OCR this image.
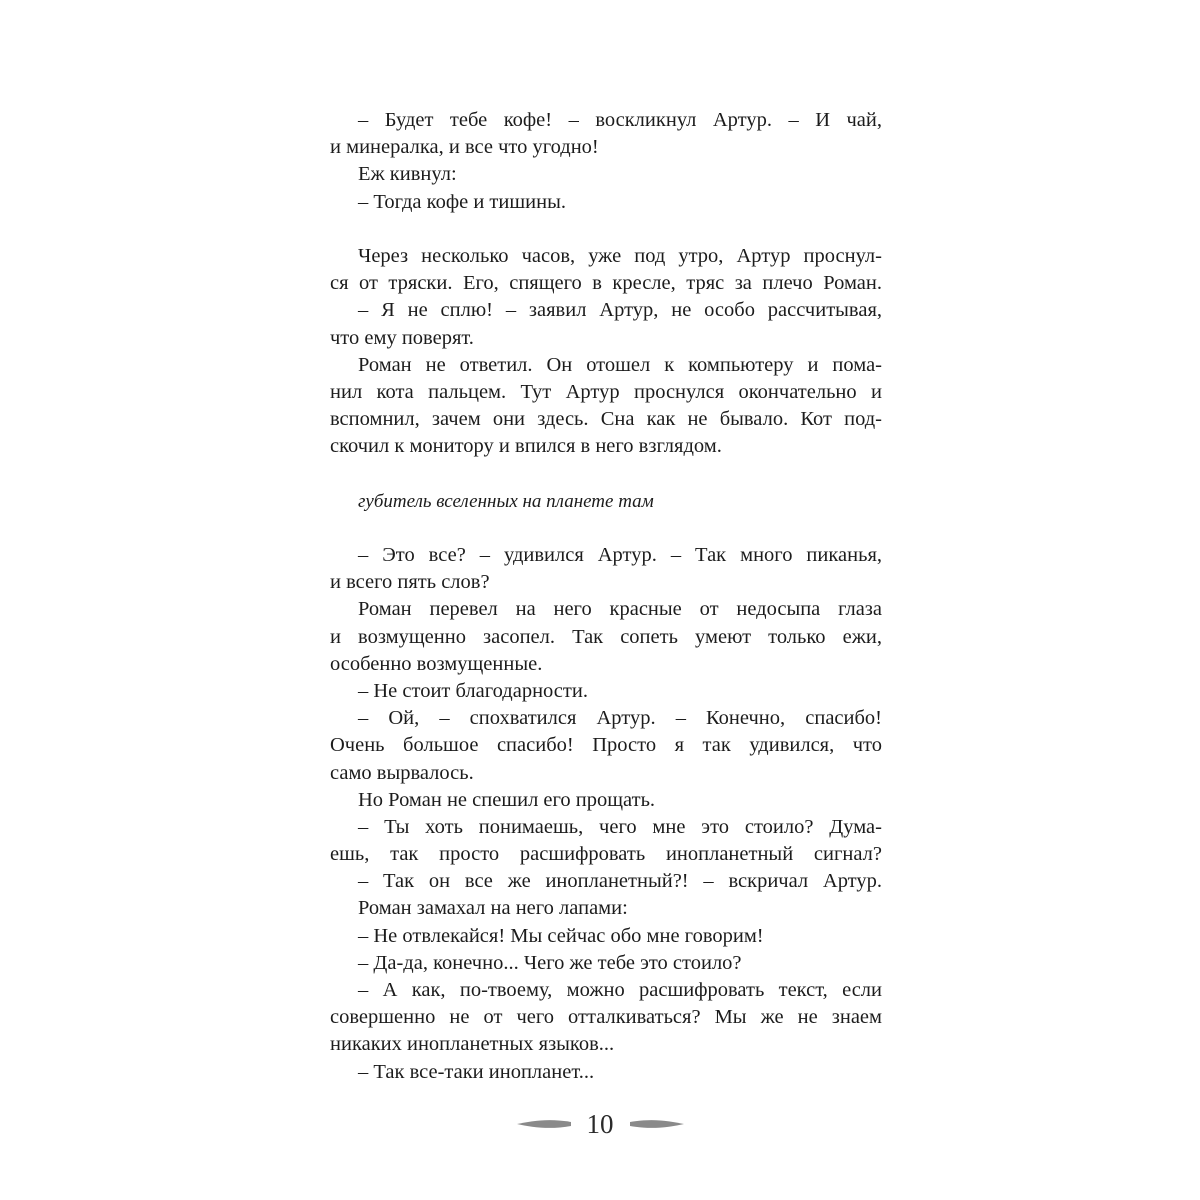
– Будет тебе кофе! – воскликнул Артур. – И чай,
и минералка, и все что угодно!
Еж кивнул:
– Тогда кофе и тишины.
Через несколько часов, уже под утро, Артур проснул-
ся от тряски. Его, спящего в кресле, тряс за плечо Роман.
– Я не сплю! – заявил Артур, не особо рассчитывая,
что ему поверят.
Роман не ответил. Он отошел к компьютеру и пома-
нил кота пальцем. Тут Артур проснулся окончательно и
вспомнил, зачем они здесь. Сна как не бывало. Кот под-
скочил к монитору и впился в него взглядом.
губитель вселенных на планете там
– Это все? – удивился Артур. – Так много пиканья,
и всего пять слов?
Роман перевел на него красные от недосыпа глаза
и возмущенно засопел. Так сопеть умеют только ежи,
особенно возмущенные.
– Не стоит благодарности.
– Ой, – спохватился Артур. – Конечно, спасибо!
Очень большое спасибо! Просто я так удивился, что
само вырвалось.
Но Роман не спешил его прощать.
– Ты хоть понимаешь, чего мне это стоило? Дума-
ешь, так просто расшифровать инопланетный сигнал?
– Так он все же инопланетный?! – вскричал Артур.
Роман замахал на него лапами:
– Не отвлекайся! Мы сейчас обо мне говорим!
– Да-да, конечно... Чего же тебе это стоило?
– А как, по-твоему, можно расшифровать текст, если
совершенно не от чего отталкиваться? Мы же не знаем
никаких инопланетных языков...
– Так все-таки инопланет...
10
